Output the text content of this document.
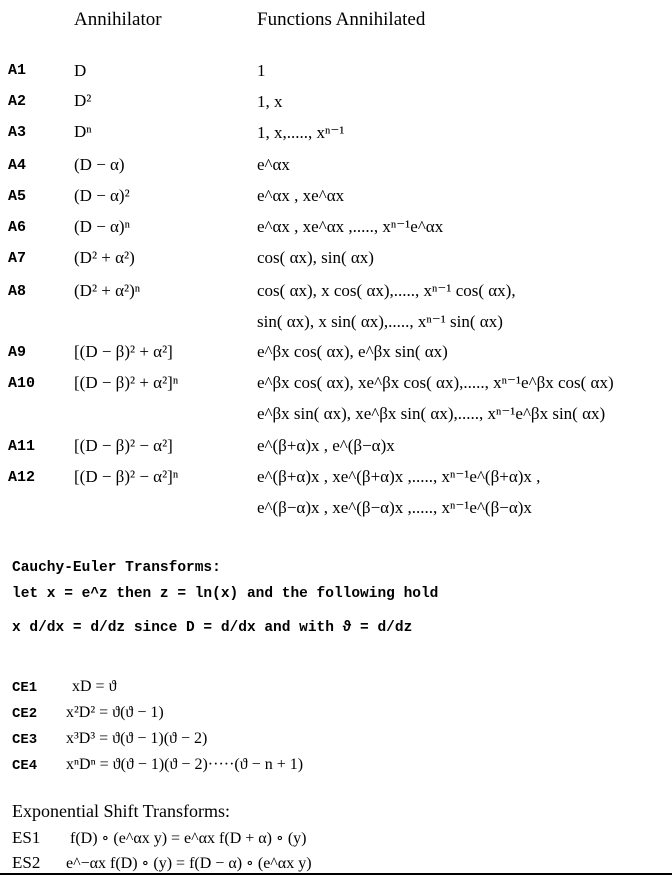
Annihilator	Functions Annihilated
A1	D	1
A2	D²	1, x
A3	Dⁿ	1, x,....., xⁿ⁻¹
A4	(D − α)	e^αx
A5	(D − α)²	e^αx , xe^αx
A6	(D − α)ⁿ	e^αx , xe^αx ,....., xⁿ⁻¹e^αx
A7	(D² + α²)	cos( αx), sin( αx)
A8	(D² + α²)ⁿ	cos( αx), x cos( αx),....., xⁿ⁻¹ cos( αx),
sin( αx), x sin( αx),....., xⁿ⁻¹ sin( αx)
A9	[(D − β)² + α²]	e^βx cos( αx), e^βx sin( αx)
A10 [(D − β)² + α²]ⁿ	e^βx cos( αx), xe^βx cos( αx),....., xⁿ⁻¹e^βx cos( αx)
e^βx sin( αx), xe^βx sin( αx),....., xⁿ⁻¹e^βx sin( αx)
A11 [(D − β)² − α²]	e^(β+α)x , e^(β−α)x
A12 [(D − β)² − α²]ⁿ	e^(β+α)x , xe^(β+α)x ,....., xⁿ⁻¹e^(β+α)x ,
e^(β−α)x , xe^(β−α)x ,....., xⁿ⁻¹e^(β−α)x
Cauchy-Euler Transforms:
let x = e^z then z = ln(x) and the following hold
x d/dx = d/dz since D = d/dx and with ϑ = d/dz
CE1 xD = ϑ
CE2 x²D² = ϑ(ϑ − 1)
CE3 x³D³ = ϑ(ϑ − 1)(ϑ − 2)
CE4 xⁿDⁿ = ϑ(ϑ − 1)(ϑ − 2)·····(ϑ − n + 1)
Exponential Shift Transforms:
ES1 f(D) ∘ (e^αx y) = e^αx f(D + α) ∘ (y)
ES2 e^−αx f(D) ∘ (y) = f(D − α) ∘ (e^αx y)
